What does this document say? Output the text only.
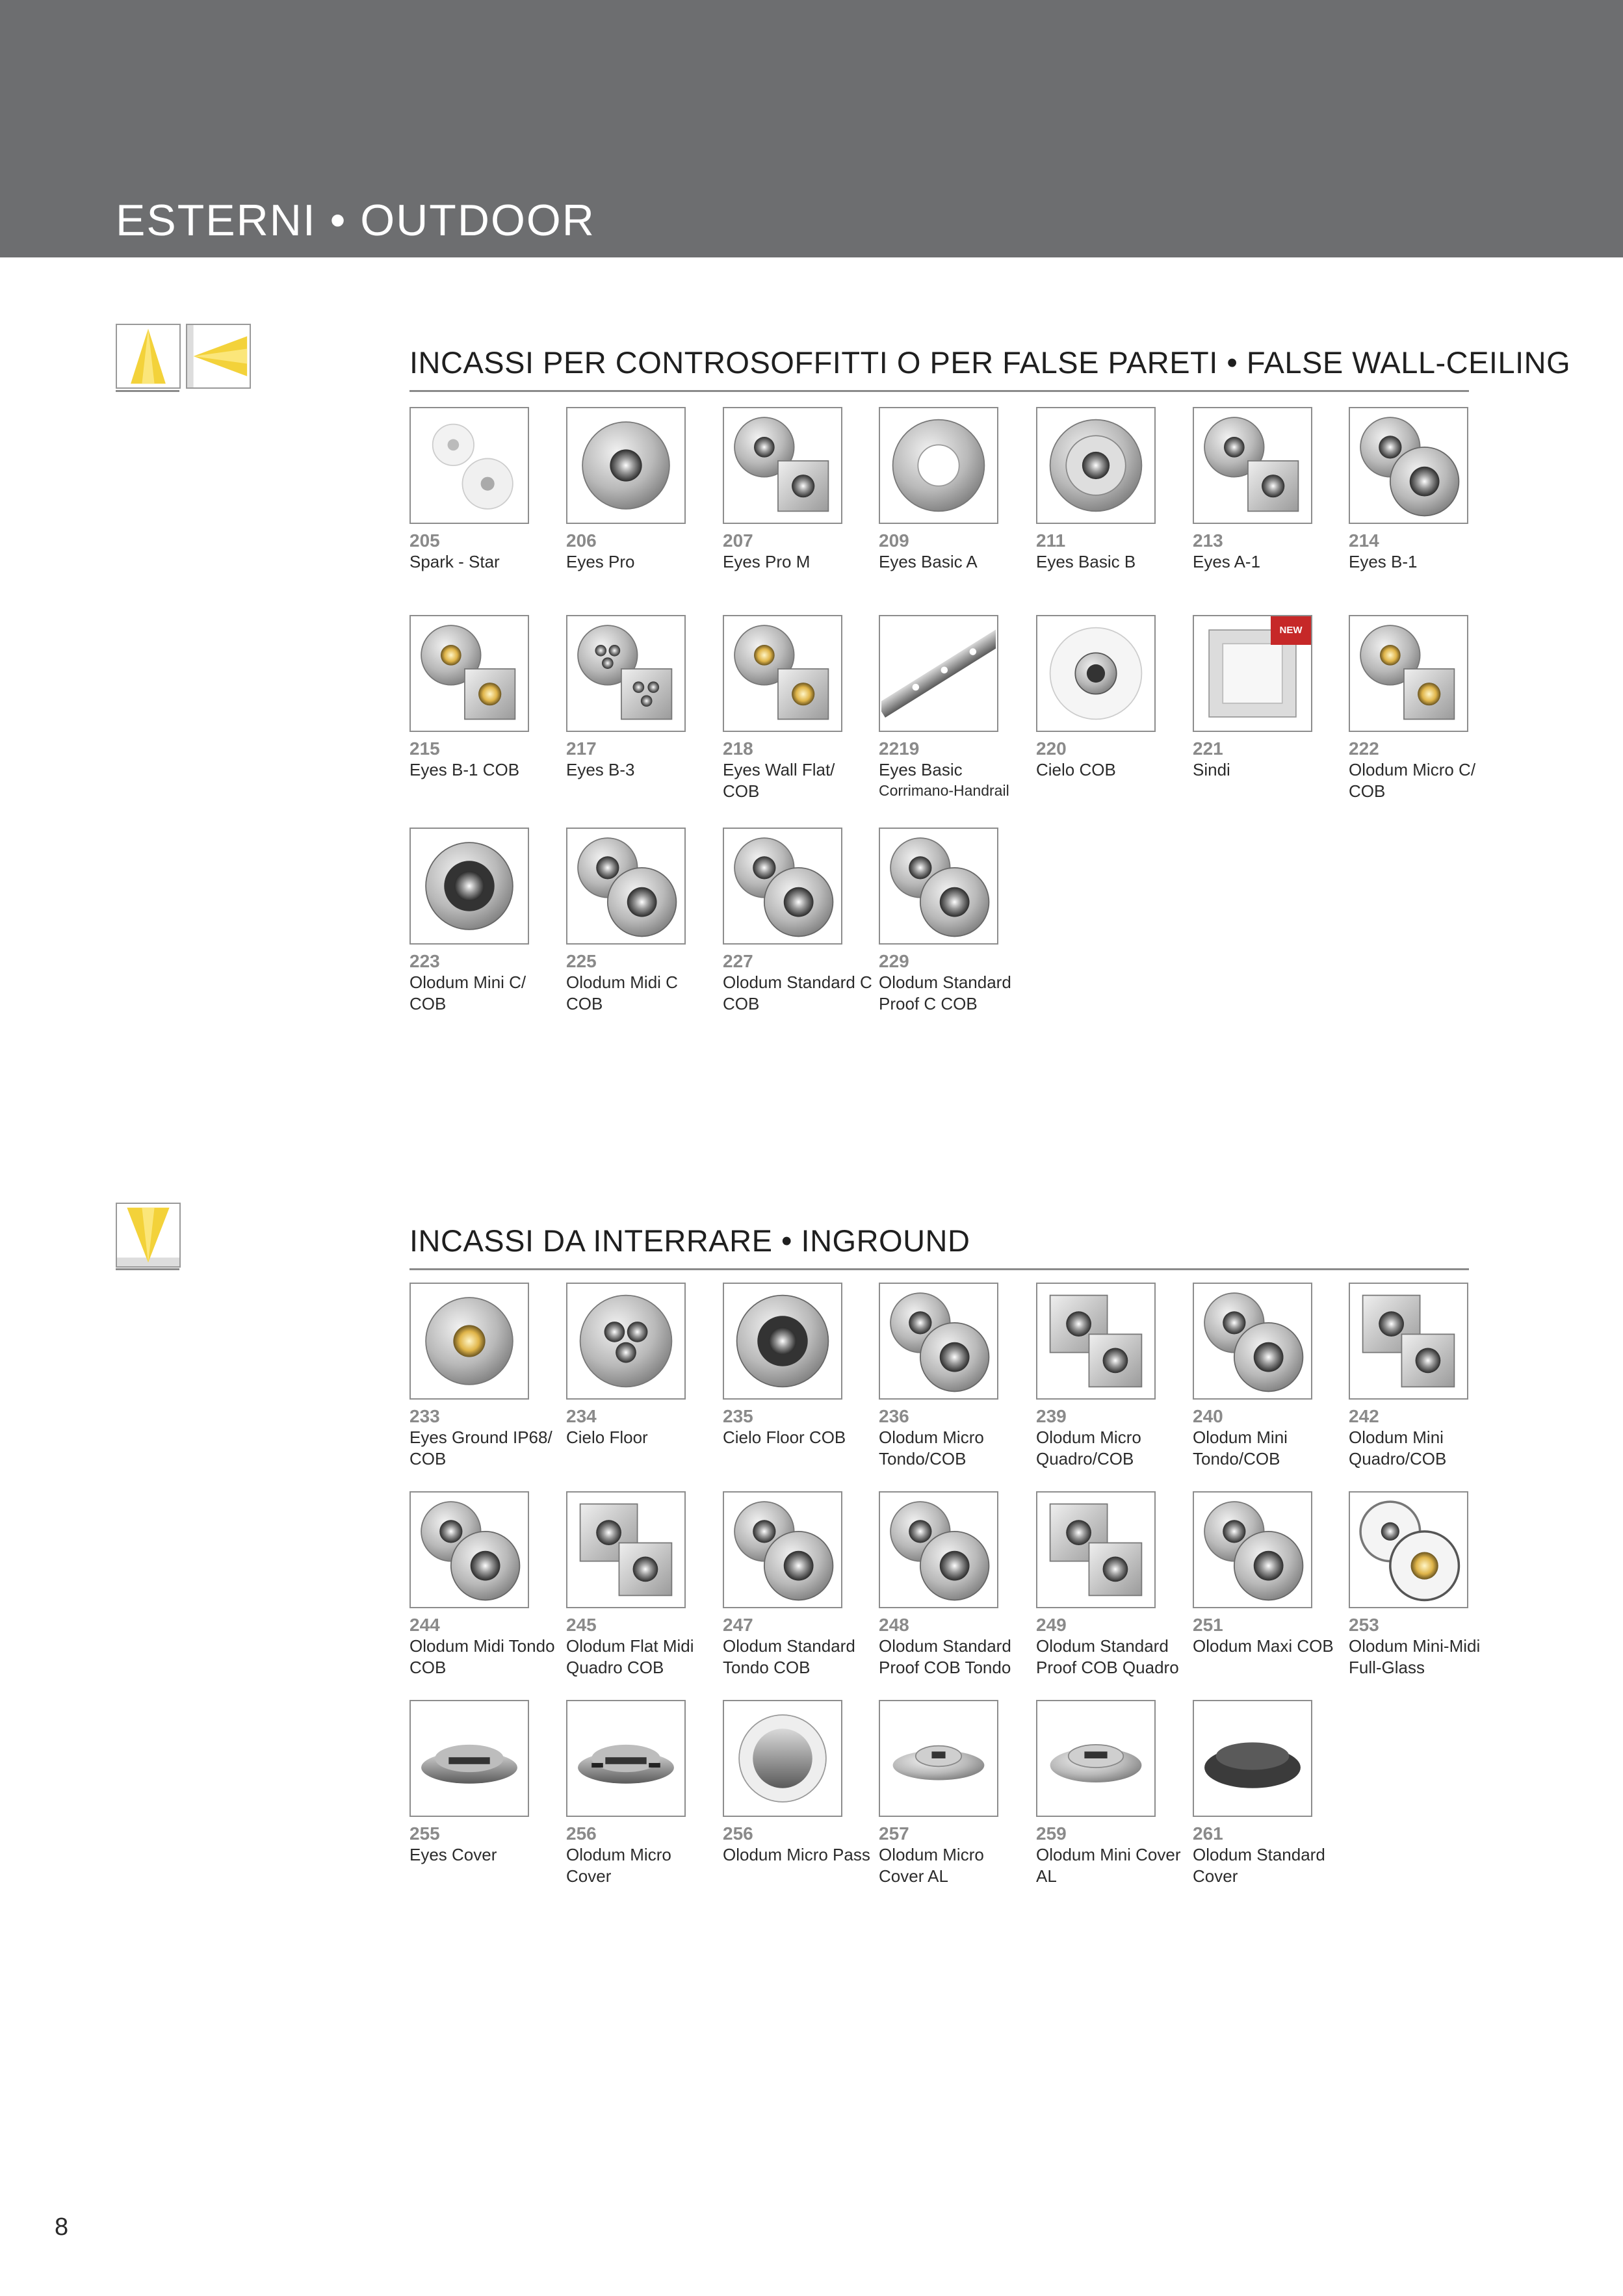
ESTERNI • OUTDOOR
INCASSI PER CONTROSOFFITTI O PER FALSE PARETI • FALSE WALL-CEILING
205
Spark - Star
206
Eyes Pro
207
Eyes Pro M
209
Eyes Basic A
211
Eyes Basic B
213
Eyes A-1
214
Eyes B-1
215
Eyes B-1 COB
217
Eyes B-3
218
Eyes Wall Flat/ COB
2219
Eyes Basic
Corrimano-Handrail
220
Cielo COB
NEW
221
Sindi
222
Olodum Micro C/ COB
223
Olodum Mini C/ COB
225
Olodum Midi C COB
227
Olodum Standard C COB
229
Olodum Standard Proof C COB
INCASSI DA INTERRARE • INGROUND
233
Eyes Ground IP68/ COB
234
Cielo Floor
235
Cielo Floor COB
236
Olodum Micro Tondo/COB
239
Olodum Micro Quadro/COB
240
Olodum Mini Tondo/COB
242
Olodum Mini Quadro/COB
244
Olodum Midi Tondo COB
245
Olodum Flat Midi Quadro COB
247
Olodum Standard Tondo COB
248
Olodum Standard Proof COB Tondo
249
Olodum Standard Proof COB Quadro
251
Olodum Maxi COB
253
Olodum Mini-Midi Full-Glass
255
Eyes Cover
256
Olodum Micro Cover
256
Olodum Micro Pass
257
Olodum Micro Cover AL
259
Olodum Mini Cover AL
261
Olodum Standard Cover
8
